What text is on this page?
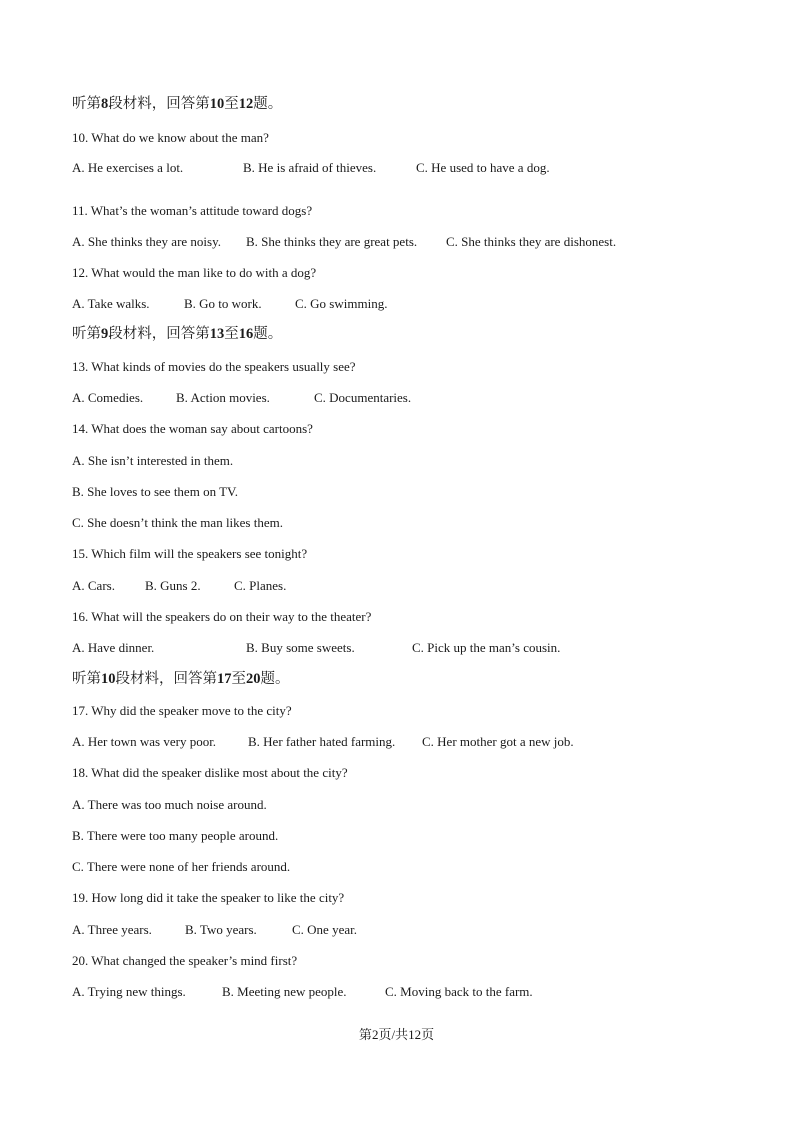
听第8段材料，回答第10至12题。
10. What do we know about the man?
A. He exercises a lot.	B. He is afraid of thieves.	C. He used to have a dog.
11. What’s the woman’s attitude toward dogs?
A. She thinks they are noisy. B. She thinks they are great pets. C. She thinks they are dishonest.
12. What would the man like to do with a dog?
A. Take walks.	B. Go to work.	C. Go swimming.
听第9段材料，回答第13至16题。
13. What kinds of movies do the speakers usually see?
A. Comedies.	B. Action movies.	C. Documentaries.
14. What does the woman say about cartoons?
A. She isn’t interested in them.
B. She loves to see them on TV.
C. She doesn’t think the man likes them.
15. Which film will the speakers see tonight?
A. Cars. B. Guns 2.	C. Planes.
16. What will the speakers do on their way to the theater?
A. Have dinner.	B. Buy some sweets.	C. Pick up the man’s cousin.
听第10段材料，回答第17至20题。
17. Why did the speaker move to the city?
A. Her town was very poor. B. Her father hated farming. C. Her mother got a new job.
18. What did the speaker dislike most about the city?
A. There was too much noise around.
B. There were too many people around.
C. There were none of her friends around.
19. How long did it take the speaker to like the city?
A. Three years.	B. Two years.	C. One year.
20. What changed the speaker’s mind first?
A. Trying new things.	B. Meeting new people.	C. Moving back to the farm.
第2页/共12页
